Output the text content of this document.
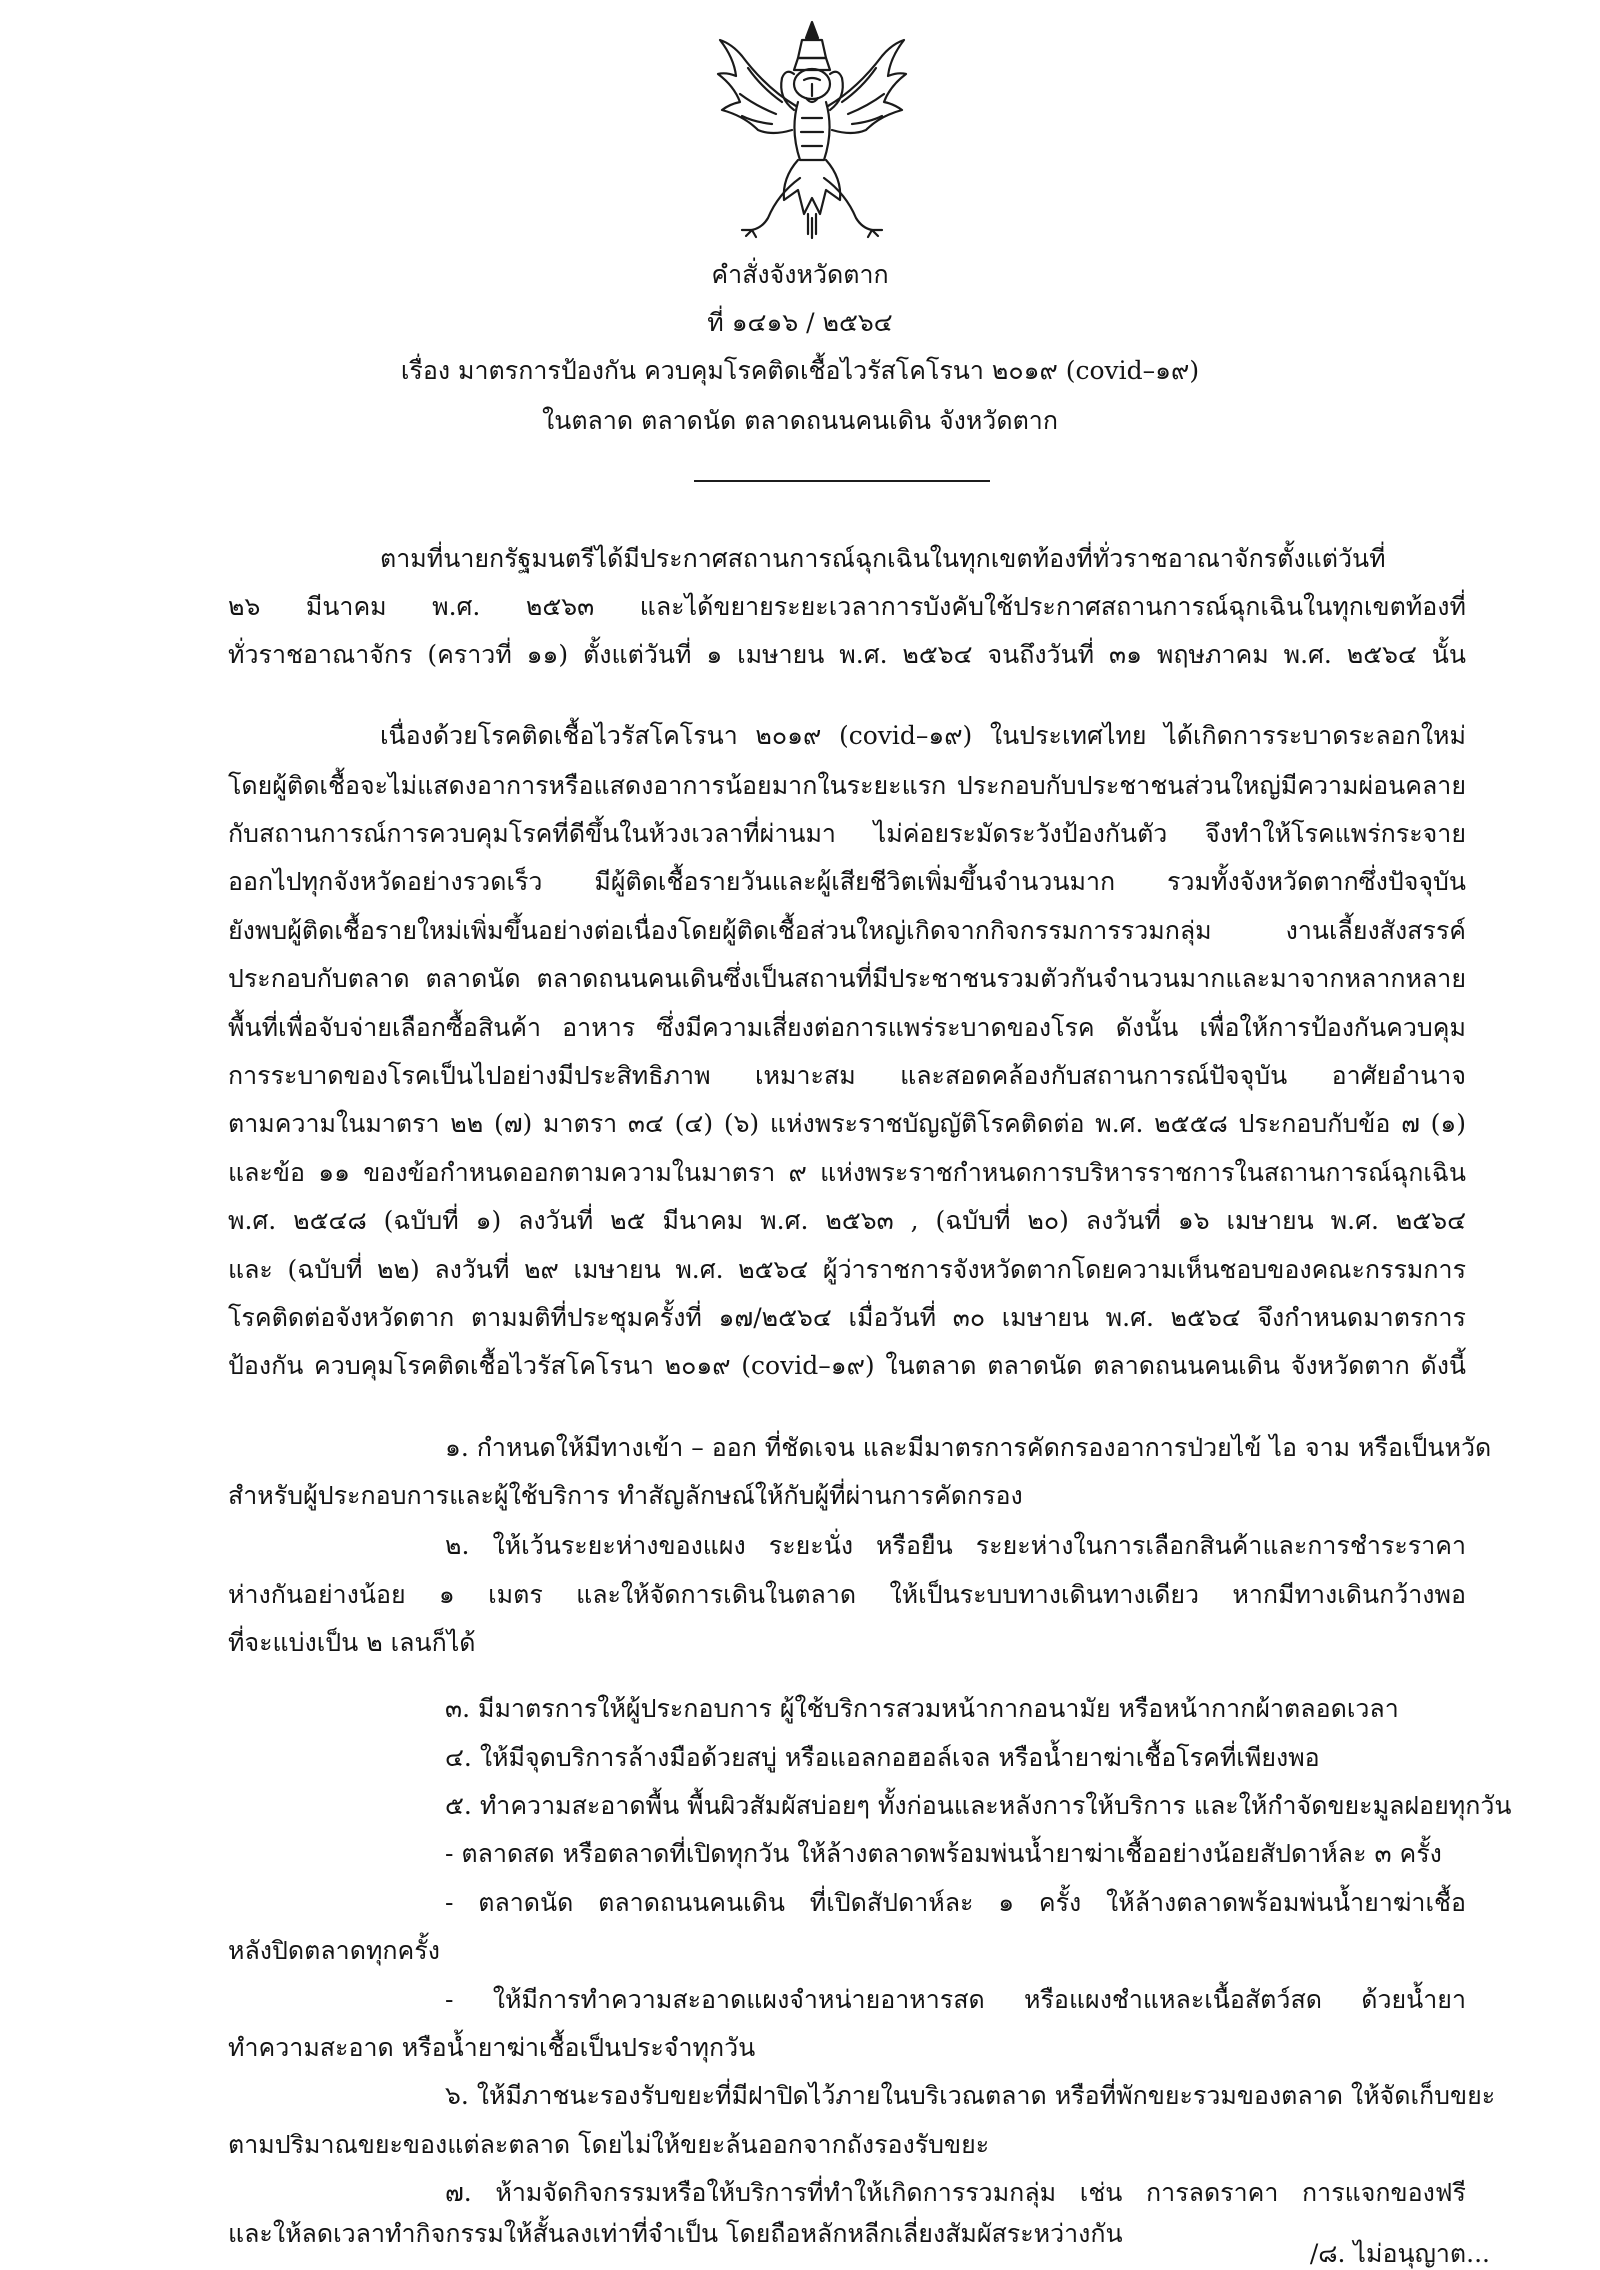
คำสั่งจังหวัดตาก
ที่ ๑๔๑๖ / ๒๕๖๔
เรื่อง มาตรการป้องกัน ควบคุมโรคติดเชื้อไวรัสโคโรนา ๒๐๑๙ (covid–๑๙)
ในตลาด ตลาดนัด ตลาดถนนคนเดิน จังหวัดตาก
ตามที่นายกรัฐมนตรีได้มีประกาศสถานการณ์ฉุกเฉินในทุกเขตท้องที่ทั่วราชอาณาจักรตั้งแต่วันที่
๒๖ มีนาคม พ.ศ. ๒๕๖๓ และได้ขยายระยะเวลาการบังคับใช้ประกาศสถานการณ์ฉุกเฉินในทุกเขตท้องที่
ทั่วราชอาณาจักร (คราวที่ ๑๑) ตั้งแต่วันที่ ๑ เมษายน พ.ศ. ๒๕๖๔ จนถึงวันที่ ๓๑ พฤษภาคม พ.ศ. ๒๕๖๔ นั้น
เนื่องด้วยโรคติดเชื้อไวรัสโคโรนา ๒๐๑๙ (covid–๑๙) ในประเทศไทย ได้เกิดการระบาดระลอกใหม่
โดยผู้ติดเชื้อจะไม่แสดงอาการหรือแสดงอาการน้อยมากในระยะแรก ประกอบกับประชาชนส่วนใหญ่มีความผ่อนคลาย
กับสถานการณ์การควบคุมโรคที่ดีขึ้นในห้วงเวลาที่ผ่านมา ไม่ค่อยระมัดระวังป้องกันตัว จึงทำให้โรคแพร่กระจาย
ออกไปทุกจังหวัดอย่างรวดเร็ว มีผู้ติดเชื้อรายวันและผู้เสียชีวิตเพิ่มขึ้นจำนวนมาก รวมทั้งจังหวัดตากซึ่งปัจจุบัน
ยังพบผู้ติดเชื้อรายใหม่เพิ่มขึ้นอย่างต่อเนื่องโดยผู้ติดเชื้อส่วนใหญ่เกิดจากกิจกรรมการรวมกลุ่ม งานเลี้ยงสังสรรค์
ประกอบกับตลาด ตลาดนัด ตลาดถนนคนเดินซึ่งเป็นสถานที่มีประชาชนรวมตัวกันจำนวนมากและมาจากหลากหลาย
พื้นที่เพื่อจับจ่ายเลือกซื้อสินค้า อาหาร ซึ่งมีความเสี่ยงต่อการแพร่ระบาดของโรค ดังนั้น เพื่อให้การป้องกันควบคุม
การระบาดของโรคเป็นไปอย่างมีประสิทธิภาพ เหมาะสม และสอดคล้องกับสถานการณ์ปัจจุบัน อาศัยอำนาจ
ตามความในมาตรา ๒๒ (๗) มาตรา ๓๔ (๔) (๖) แห่งพระราชบัญญัติโรคติดต่อ พ.ศ. ๒๕๕๘ ประกอบกับข้อ ๗ (๑)
และข้อ ๑๑ ของข้อกำหนดออกตามความในมาตรา ๙ แห่งพระราชกำหนดการบริหารราชการในสถานการณ์ฉุกเฉิน
พ.ศ. ๒๕๔๘ (ฉบับที่ ๑) ลงวันที่ ๒๕ มีนาคม พ.ศ. ๒๕๖๓ , (ฉบับที่ ๒๐) ลงวันที่ ๑๖ เมษายน พ.ศ. ๒๕๖๔
และ (ฉบับที่ ๒๒) ลงวันที่ ๒๙ เมษายน พ.ศ. ๒๕๖๔ ผู้ว่าราชการจังหวัดตากโดยความเห็นชอบของคณะกรรมการ
โรคติดต่อจังหวัดตาก ตามมติที่ประชุมครั้งที่ ๑๗/๒๕๖๔ เมื่อวันที่ ๓๐ เมษายน พ.ศ. ๒๕๖๔ จึงกำหนดมาตรการ
ป้องกัน ควบคุมโรคติดเชื้อไวรัสโคโรนา ๒๐๑๙ (covid–๑๙) ในตลาด ตลาดนัด ตลาดถนนคนเดิน จังหวัดตาก ดังนี้
๑. กำหนดให้มีทางเข้า – ออก ที่ชัดเจน และมีมาตรการคัดกรองอาการป่วยไข้ ไอ จาม หรือเป็นหวัด
สำหรับผู้ประกอบการและผู้ใช้บริการ ทำสัญลักษณ์ให้กับผู้ที่ผ่านการคัดกรอง
๒. ให้เว้นระยะห่างของแผง ระยะนั่ง หรือยืน ระยะห่างในการเลือกสินค้าและการชำระราคา
ห่างกันอย่างน้อย ๑ เมตร และให้จัดการเดินในตลาด ให้เป็นระบบทางเดินทางเดียว หากมีทางเดินกว้างพอ
ที่จะแบ่งเป็น ๒ เลนก็ได้
๓. มีมาตรการให้ผู้ประกอบการ ผู้ใช้บริการสวมหน้ากากอนามัย หรือหน้ากากผ้าตลอดเวลา
๔. ให้มีจุดบริการล้างมือด้วยสบู่ หรือแอลกอฮอล์เจล หรือน้ำยาฆ่าเชื้อโรคที่เพียงพอ
๕. ทำความสะอาดพื้น พื้นผิวสัมผัสบ่อยๆ ทั้งก่อนและหลังการให้บริการ และให้กำจัดขยะมูลฝอยทุกวัน
- ตลาดสด หรือตลาดที่เปิดทุกวัน ให้ล้างตลาดพร้อมพ่นน้ำยาฆ่าเชื้ออย่างน้อยสัปดาห์ละ ๓ ครั้ง
- ตลาดนัด ตลาดถนนคนเดิน ที่เปิดสัปดาห์ละ ๑ ครั้ง ให้ล้างตลาดพร้อมพ่นน้ำยาฆ่าเชื้อ
หลังปิดตลาดทุกครั้ง
- ให้มีการทำความสะอาดแผงจำหน่ายอาหารสด หรือแผงชำแหละเนื้อสัตว์สด ด้วยน้ำยา
ทำความสะอาด หรือน้ำยาฆ่าเชื้อเป็นประจำทุกวัน
๖. ให้มีภาชนะรองรับขยะที่มีฝาปิดไว้ภายในบริเวณตลาด หรือที่พักขยะรวมของตลาด ให้จัดเก็บขยะ
ตามปริมาณขยะของแต่ละตลาด โดยไม่ให้ขยะล้นออกจากถังรองรับขยะ
๗. ห้ามจัดกิจกรรมหรือให้บริการที่ทำให้เกิดการรวมกลุ่ม เช่น การลดราคา การแจกของฟรี
และให้ลดเวลาทำกิจกรรมให้สั้นลงเท่าที่จำเป็น โดยถือหลักหลีกเลี่ยงสัมผัสระหว่างกัน
/๘. ไม่อนุญาต...
